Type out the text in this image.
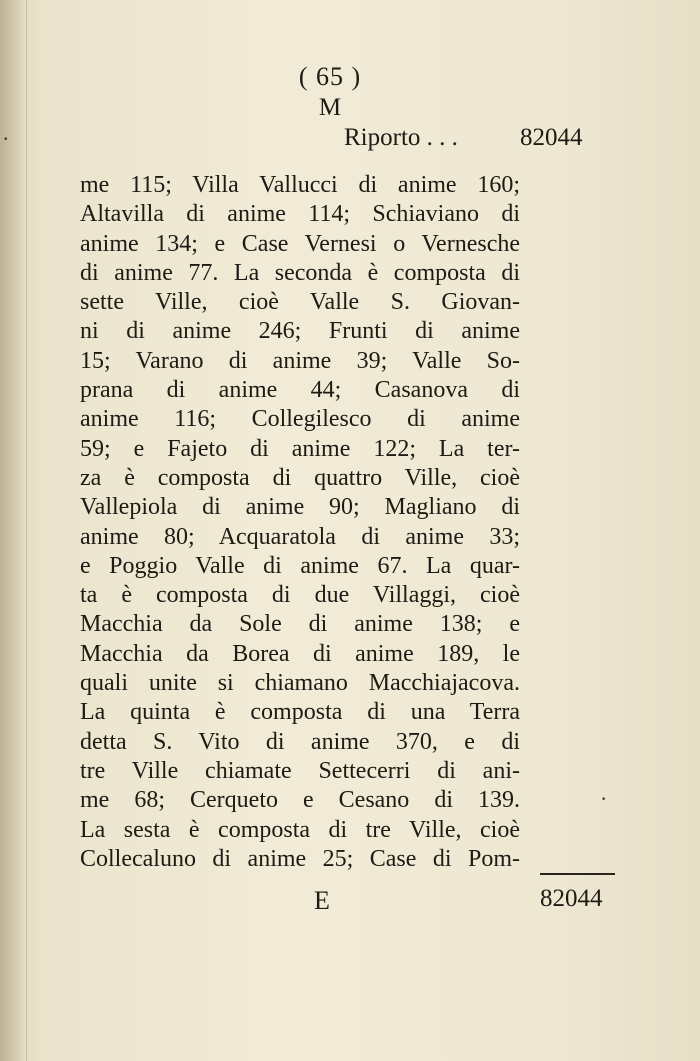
( 65 )
M
Riporto . . . 82044
me 115; Villa Vallucci di anime 160;
Altavilla di anime 114; Schiaviano di
anime 134; e Case Vernesi o Vernesche
di anime 77. La seconda è composta di
sette Ville, cioè Valle S. Giovan-
ni di anime 246; Frunti di anime
15; Varano di anime 39; Valle So-
prana di anime 44; Casanova di
anime 116; Collegilesco di anime
59; e Fajeto di anime 122; La ter-
za è composta di quattro Ville, cioè
Vallepiola di anime 90; Magliano di
anime 80; Acquaratola di anime 33;
e Poggio Valle di anime 67. La quar-
ta è composta di due Villaggi, cioè
Macchia da Sole di anime 138; e
Macchia da Borea di anime 189, le
quali unite si chiamano Macchiajacova.
La quinta è composta di una Terra
detta S. Vito di anime 370, e di
tre Ville chiamate Settecerri di ani-
me 68; Cerqueto e Cesano di 139.
La sesta è composta di tre Ville, cioè
Collecaluno di anime 25; Case di Pom-
E	82044
·
·
